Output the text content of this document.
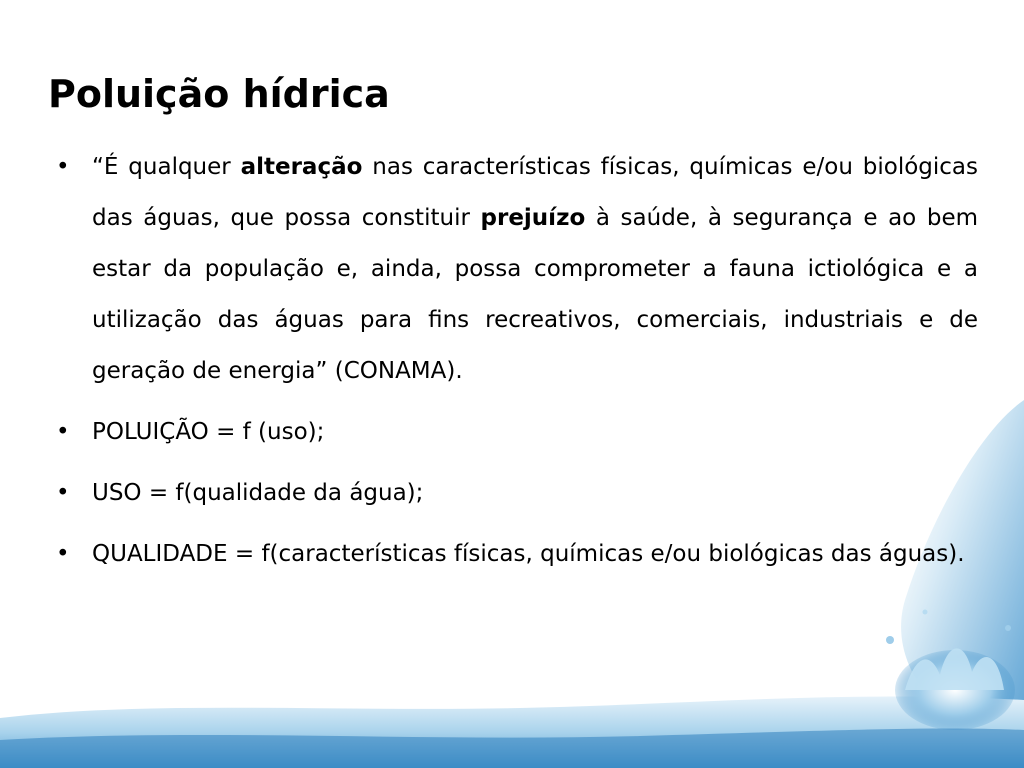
Poluição hídrica
• “É qualquer alteração nas características físicas, químicas e/ou biológicas das águas, que possa constituir prejuízo à saúde, à segurança e ao bem estar da população e, ainda, possa comprometer a fauna ictiológica e a utilização das águas para fins recreativos, comerciais, industriais e de geração de energia” (CONAMA).
• POLUIÇÃO = f (uso);
• USO = f(qualidade da água);
• QUALIDADE = f(características físicas, químicas e/ou biológicas das águas).
